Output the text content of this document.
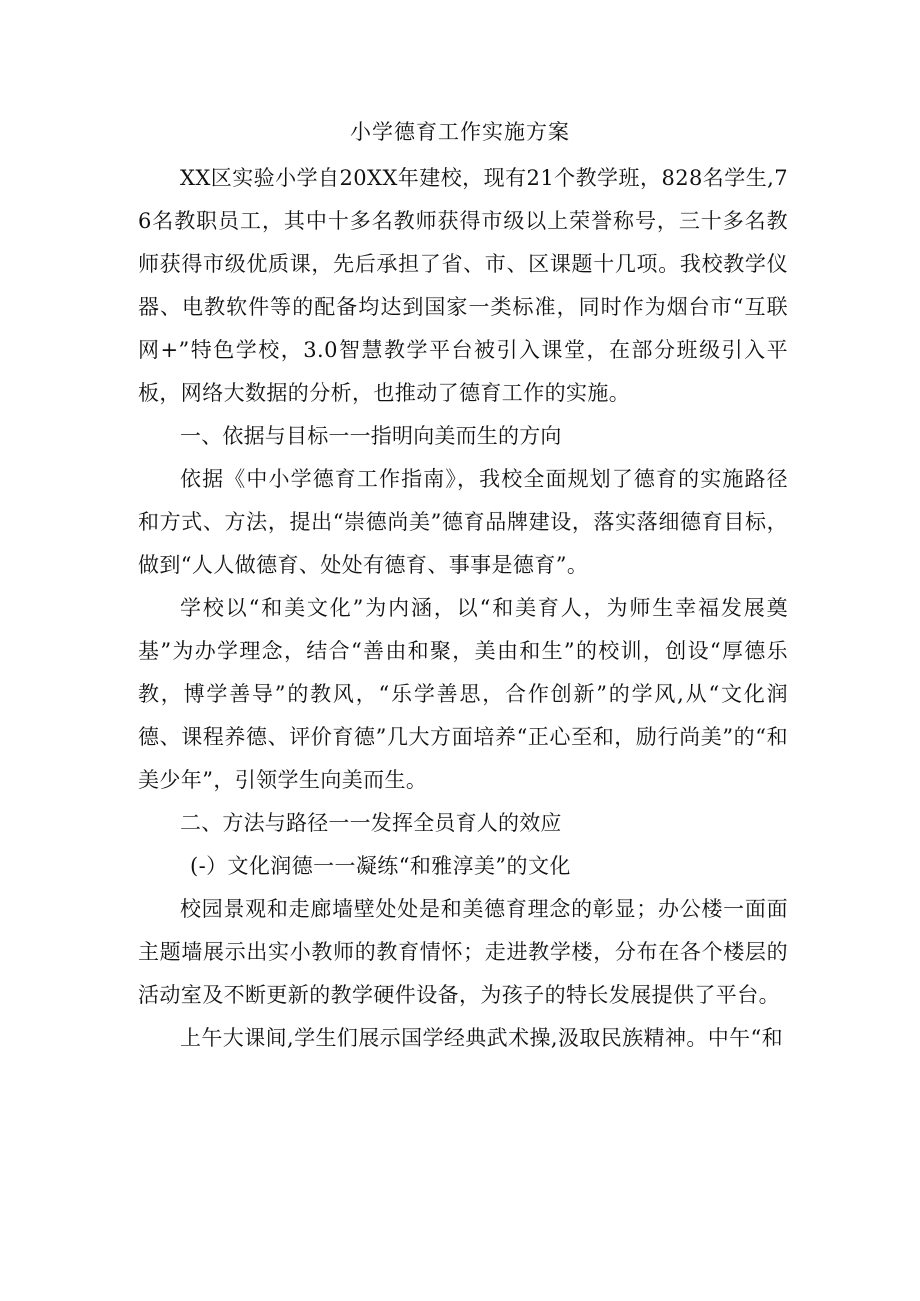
小学德育工作实施方案

XX区实验小学自20XX年建校，现有21个教学班，828名学生,76名教职员工，其中十多名教师获得市级以上荣誉称号，三十多名教师获得市级优质课，先后承担了省、市、区课题十几项。我校教学仪器、电教软件等的配备均达到国家一类标准，同时作为烟台市“互联网+”特色学校，3.0智慧教学平台被引入课堂，在部分班级引入平板，网络大数据的分析，也推动了德育工作的实施。

一、依据与目标一一指明向美而生的方向

依据《中小学德育工作指南》，我校全面规划了德育的实施路径和方式、方法，提出“崇德尚美”德育品牌建设，落实落细德育目标，做到“人人做德育、处处有德育、事事是德育”。

学校以“和美文化”为内涵，以“和美育人，为师生幸福发展奠基”为办学理念，结合“善由和聚，美由和生”的校训，创设“厚德乐教，博学善导”的教风，“乐学善思，合作创新”的学风,从“文化润德、课程养德、评价育德”几大方面培养“正心至和，励行尚美”的“和美少年”，引领学生向美而生。

二、方法与路径一一发挥全员育人的效应

(-）文化润德一一凝练“和雅淳美”的文化

校园景观和走廊墙壁处处是和美德育理念的彰显；办公楼一面面主题墙展示出实小教师的教育情怀；走进教学楼，分布在各个楼层的活动室及不断更新的教学硬件设备，为孩子的特长发展提供了平台。

上午大课间,学生们展示国学经典武术操,汲取民族精神。中午“和
